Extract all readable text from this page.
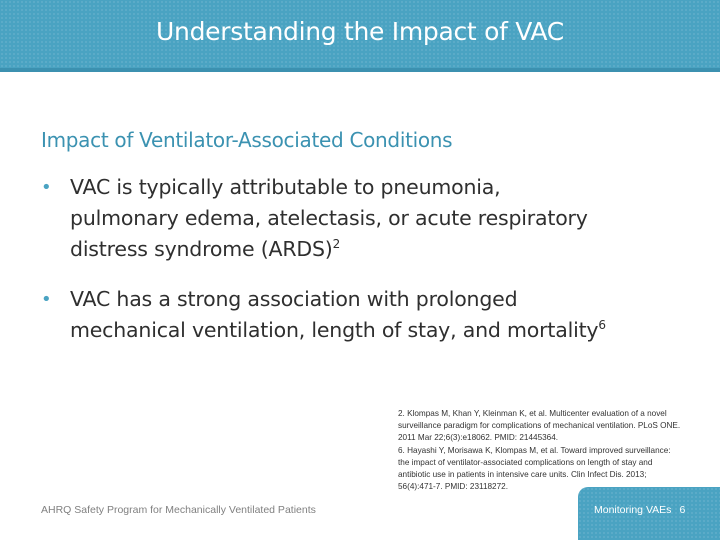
Understanding the Impact of VAC
Impact of Ventilator-Associated Conditions
• VAC is typically attributable to pneumonia,
pulmonary edema, atelectasis, or acute respiratory
distress syndrome (ARDS)$^2$
• VAC has a strong association with prolonged
mechanical ventilation, length of stay, and mortality$^6$

2. Klompas M, Khan Y, Kleinman K, et al. Multicenter evaluation of a novel
surveillance paradigm for complications of mechanical ventilation. PLoS ONE.
2011 Mar 22;6(3):e18062. PMID: 21445364.

6. Hayashi Y, Morisawa K, Klompas M, et al. Toward improved surveillance:
the impact of ventilator-associated complications on length of stay and
antibiotic use in patients in intensive care units. Clin Infect Dis. 2013;
56(4):471-7. PMID: 23118272.

AHRQ Safety Program for Mechanically Ventilated Patients	Monitoring VAEs 6
